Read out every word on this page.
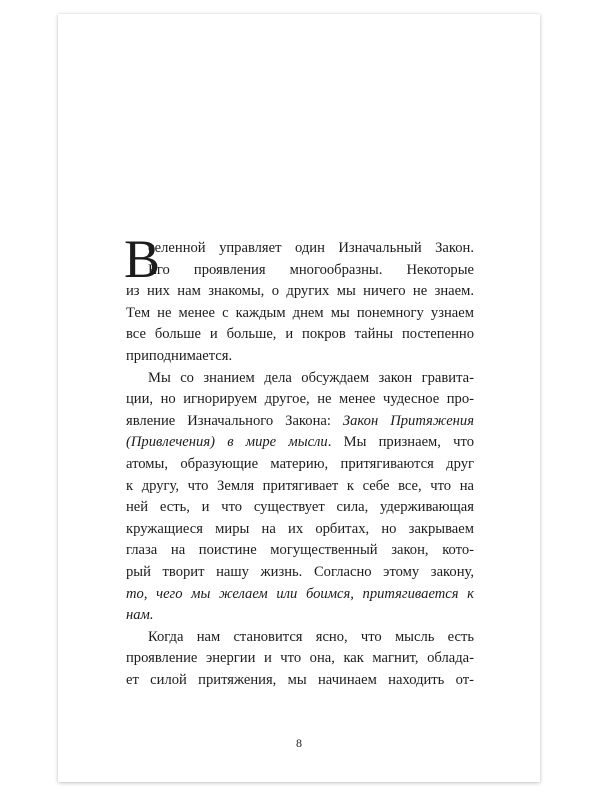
В
селенной управляет один Изначальный Закон.
Его проявления многообразны. Некоторые
из них нам знакомы, о других мы ничего не знаем.
Тем не менее с каждым днем мы понемногу узнаем
все больше и больше, и покров тайны постепенно
приподнимается.
Мы со знанием дела обсуждаем закон гравита-
ции, но игнорируем другое, не менее чудесное про-
явление Изначального Закона: Закон Притяжения
(Привлечения) в мире мысли. Мы признаем, что
атомы, образующие материю, притягиваются друг
к другу, что Земля притягивает к себе все, что на
ней есть, и что существует сила, удерживающая
кружащиеся миры на их орбитах, но закрываем
глаза на поистине могущественный закон, кото-
рый творит нашу жизнь. Согласно этому закону,
то, чего мы желаем или боимся, притягивается к
нам.
Когда нам становится ясно, что мысль есть
проявление энергии и что она, как магнит, облада-
ет силой притяжения, мы начинаем находить от-
8
